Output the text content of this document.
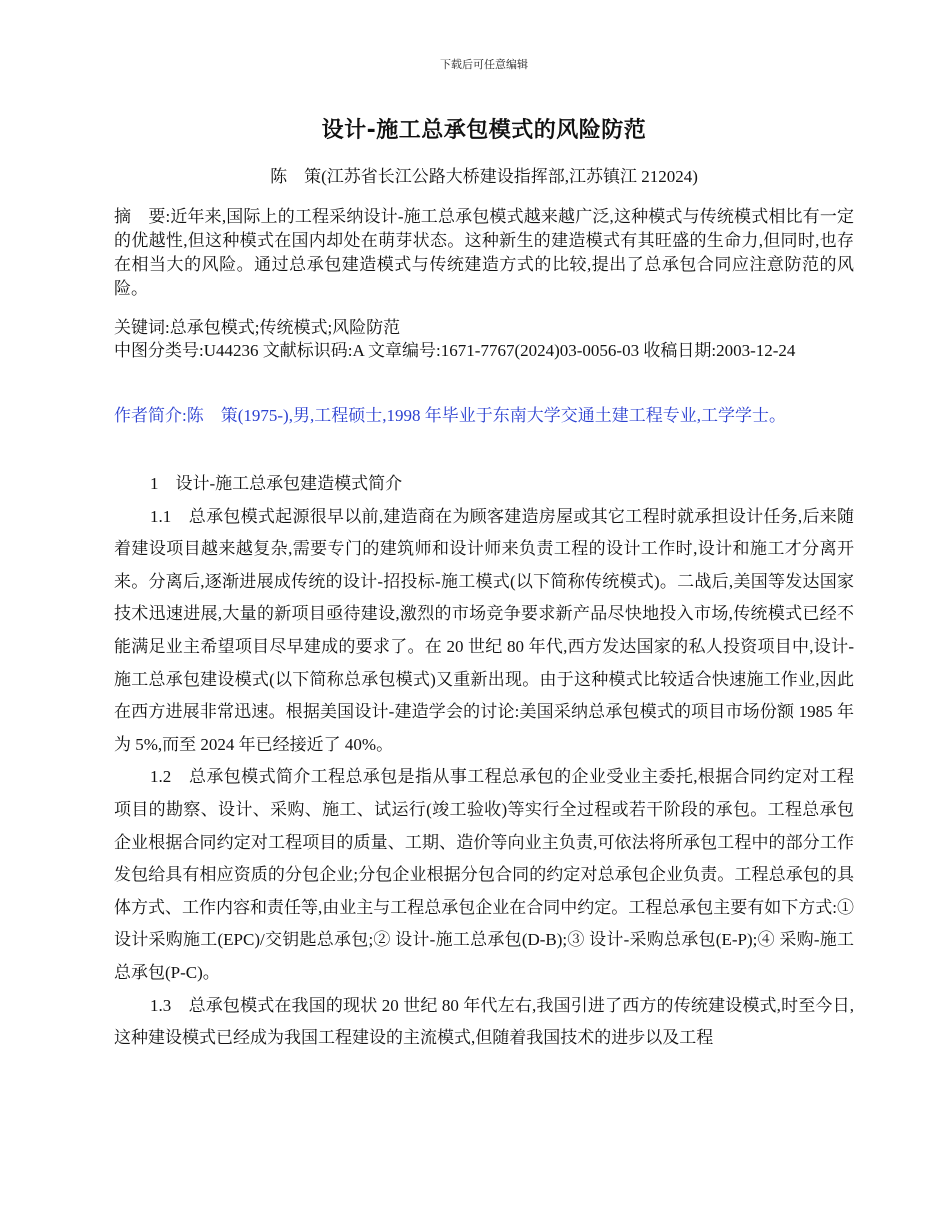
下载后可任意编辑
设计-施工总承包模式的风险防范
陈　策(江苏省长江公路大桥建设指挥部,江苏镇江 212024)
摘　要:近年来,国际上的工程采纳设计-施工总承包模式越来越广泛,这种模式与传统模式相比有一定的优越性,但这种模式在国内却处在萌芽状态。这种新生的建造模式有其旺盛的生命力,但同时,也存在相当大的风险。通过总承包建造模式与传统建造方式的比较,提出了总承包合同应注意防范的风险。
关键词:总承包模式;传统模式;风险防范
中图分类号:U44236 文献标识码:A 文章编号:1671-7767(2024)03-0056-03 收稿日期:2003-12-24
作者简介:陈　策(1975-),男,工程硕士,1998 年毕业于东南大学交通土建工程专业,工学学士。

1　设计-施工总承包建造模式简介

1.1　总承包模式起源很早以前,建造商在为顾客建造房屋或其它工程时就承担设计任务,后来随着建设项目越来越复杂,需要专门的建筑师和设计师来负责工程的设计工作时,设计和施工才分离开来。分离后,逐渐进展成传统的设计-招投标-施工模式(以下简称传统模式)。二战后,美国等发达国家技术迅速进展,大量的新项目亟待建设,激烈的市场竞争要求新产品尽快地投入市场,传统模式已经不能满足业主希望项目尽早建成的要求了。在 20 世纪 80 年代,西方发达国家的私人投资项目中,设计-施工总承包建设模式(以下简称总承包模式)又重新出现。由于这种模式比较适合快速施工作业,因此在西方进展非常迅速。根据美国设计-建造学会的讨论:美国采纳总承包模式的项目市场份额 1985 年为 5%,而至 2024 年已经接近了 40%。

1.2　总承包模式简介工程总承包是指从事工程总承包的企业受业主委托,根据合同约定对工程项目的勘察、设计、采购、施工、试运行(竣工验收)等实行全过程或若干阶段的承包。工程总承包企业根据合同约定对工程项目的质量、工期、造价等向业主负责,可依法将所承包工程中的部分工作发包给具有相应资质的分包企业;分包企业根据分包合同的约定对总承包企业负责。工程总承包的具体方式、工作内容和责任等,由业主与工程总承包企业在合同中约定。工程总承包主要有如下方式:① 设计采购施工(EPC)/交钥匙总承包;② 设计-施工总承包(D-B);③ 设计-采购总承包(E-P);④ 采购-施工总承包(P-C)。

1.3　总承包模式在我国的现状 20 世纪 80 年代左右,我国引进了西方的传统建设模式,时至今日,这种建设模式已经成为我国工程建设的主流模式,但随着我国技术的进步以及工程
